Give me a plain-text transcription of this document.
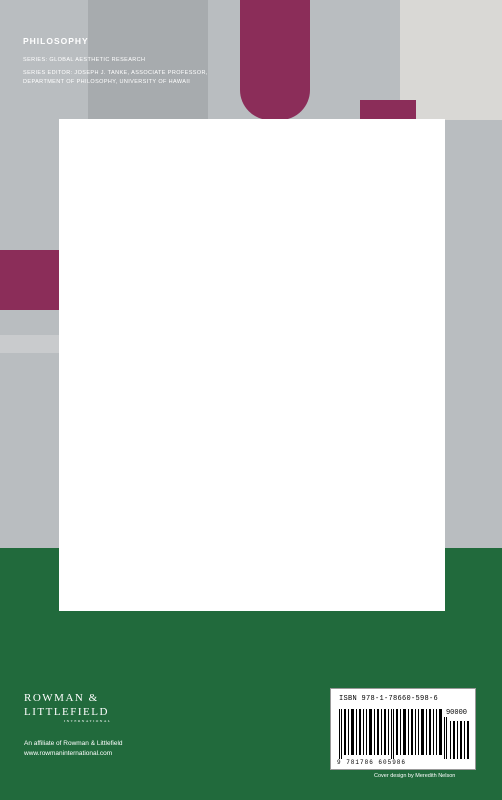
PHILOSOPHY
SERIES: GLOBAL AESTHETIC RESEARCH
SERIES EDITOR: JOSEPH J. TANKE, ASSOCIATE PROFESSOR,
DEPARTMENT OF PHILOSOPHY, UNIVERSITY OF HAWAII
ROWMAN &
LITTLEFIELD
INTERNATIONAL
An affiliate of Rowman & Littlefield
www.rowmaninternational.com
ISBN 978-1-78660-598-6
90000
9 781786 605986
Cover design by Meredith Nelson
